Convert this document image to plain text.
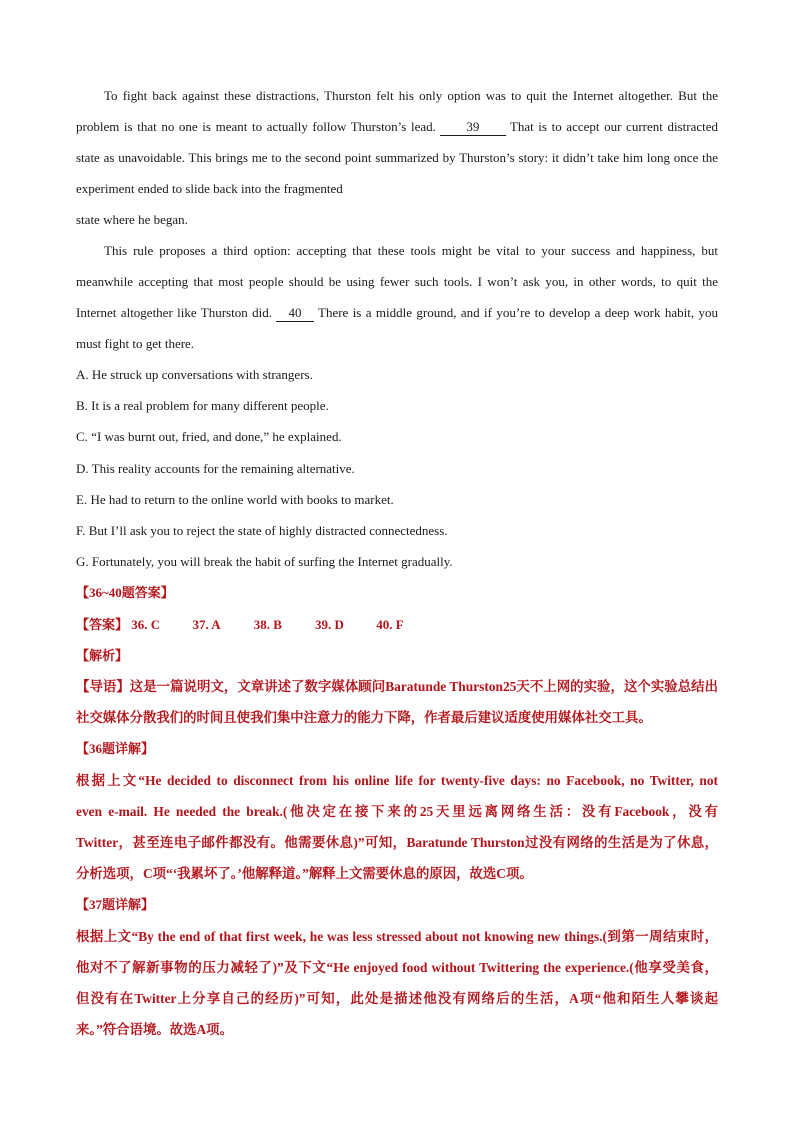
To fight back against these distractions, Thurston felt his only option was to quit the Internet altogether. But the problem is that no one is meant to actually follow Thurston’s lead. 39 That is to accept our current distracted state as unavoidable. This brings me to the second point summarized by Thurston’s story: it didn’t take him long once the experiment ended to slide back into the fragmented

state where he began.

This rule proposes a third option: accepting that these tools might be vital to your success and happiness, but meanwhile accepting that most people should be using fewer such tools. I won’t ask you, in other words, to quit the Internet altogether like Thurston did. 40 There is a middle ground, and if you’re to develop a deep work habit, you must fight to get there.

A. He struck up conversations with strangers.

B. It is a real problem for many different people.

C. “I was burnt out, fried, and done,” he explained.

D. This reality accounts for the remaining alternative.

E. He had to return to the online world with books to market.

F. But I’ll ask you to reject the state of highly distracted connectedness.

G. Fortunately, you will break the habit of surfing the Internet gradually.

【36~40题答案】

【答案】 36. C 37. A	38. B	39. D 40. F

【解析】

【导语】这是一篇说明文，文章讲述了数字媒体顾问Baratunde Thurston25天不上网的实验，这个实验总结出社交媒体分散我们的时间且使我们集中注意力的能力下降，作者最后建议适度使用媒体社交工具。

【36题详解】

根据上文“He decided to disconnect from his online life for twenty-five days: no Facebook, no Twitter, not

even e-mail. He needed the break.(他决定在接下来的25天里远离网络生活：没有Facebook，没有

Twitter，甚至连电子邮件都没有。他需要休息)”可知，Baratunde Thurston过没有网络的生活是为了休息，

分析选项，C项“‘我累坏了。’他解释道。”解释上文需要休息的原因，故选C项。

【37题详解】

根据上文“By the end of that first week, he was less stressed about not knowing new things.(到第一周结束时，

他对不了解新事物的压力减轻了)”及下文“He enjoyed food without Twittering the experience.(他享受美食，

但没有在Twitter上分享自己的经历)”可知，此处是描述他没有网络后的生活，A项“他和陌生人攀谈起

来。”符合语境。故选A项。
